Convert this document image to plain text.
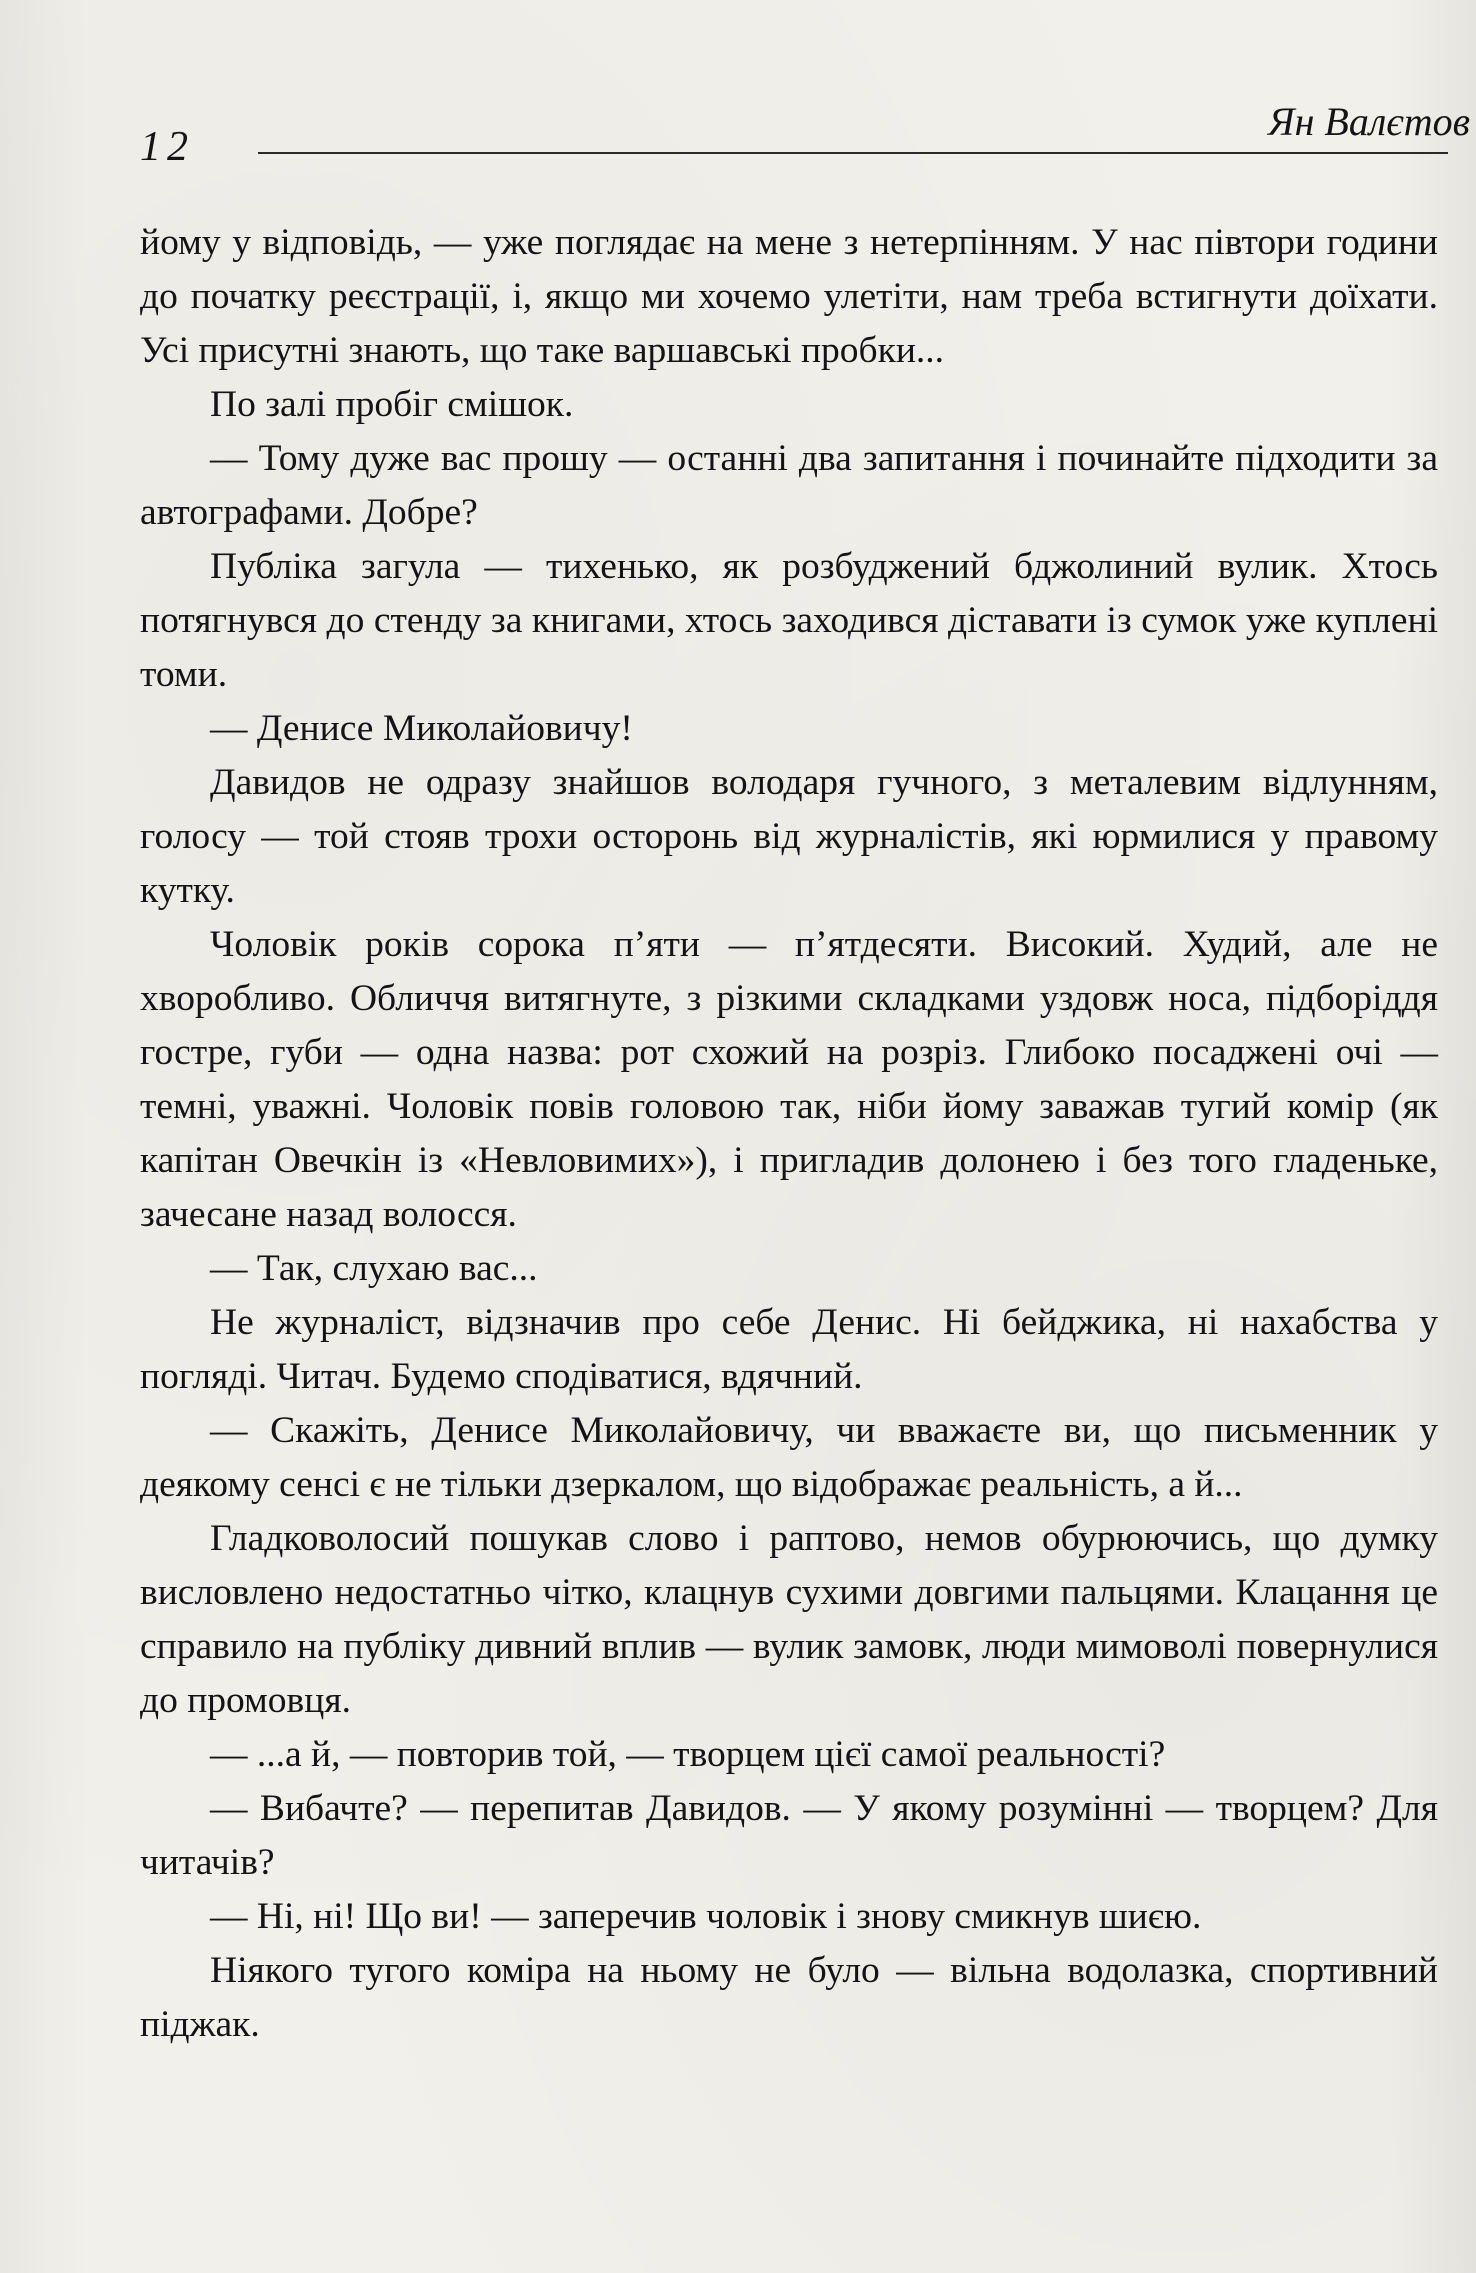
12
Ян Валєтов

йому у відповідь, — уже поглядає на мене з нетерпінням. У нас півтори години до початку реєстрації, і, якщо ми хочемо улетіти, нам треба встигнути доїхати. Усі присутні знають, що таке варшавські пробки...

По залі пробіг смішок.

— Тому дуже вас прошу — останні два запитання і починайте підходити за автографами. Добре?

Публіка загула — тихенько, як розбуджений бджолиний вулик. Хтось потягнувся до стенду за книгами, хтось заходився діставати із сумок уже куплені томи.

— Денисе Миколайовичу!

Давидов не одразу знайшов володаря гучного, з металевим відлунням, голосу — той стояв трохи осторонь від журналістів, які юрмилися у правому кутку.

Чоловік років сорока п’яти — п’ятдесяти. Високий. Худий, але не хворобливо. Обличчя витягнуте, з різкими складками уздовж носа, підборіддя гостре, губи — одна назва: рот схожий на розріз. Глибоко посаджені очі — темні, уважні. Чоловік повів головою так, ніби йому заважав тугий комір (як капітан Овечкін із «Невловимих»), і пригладив долонею і без того гладеньке, зачесане назад волосся.

— Так, слухаю вас...

Не журналіст, відзначив про себе Денис. Ні бейджика, ні нахабства у погляді. Читач. Будемо сподіватися, вдячний.

— Скажіть, Денисе Миколайовичу, чи вважаєте ви, що письменник у деякому сенсі є не тільки дзеркалом, що відображає реальність, а й...

Гладковолосий пошукав слово і раптово, немов обурюючись, що думку висловлено недостатньо чітко, клацнув сухими довгими пальцями. Клацання це справило на публіку дивний вплив — вулик замовк, люди мимоволі повернулися до промовця.

— ...а й, — повторив той, — творцем цієї самої реальності?

— Вибачте? — перепитав Давидов. — У якому розумінні — творцем? Для читачів?

— Ні, ні! Що ви! — заперечив чоловік і знову смикнув шиєю.

Ніякого тугого коміра на ньому не було — вільна водолазка, спортивний піджак.
